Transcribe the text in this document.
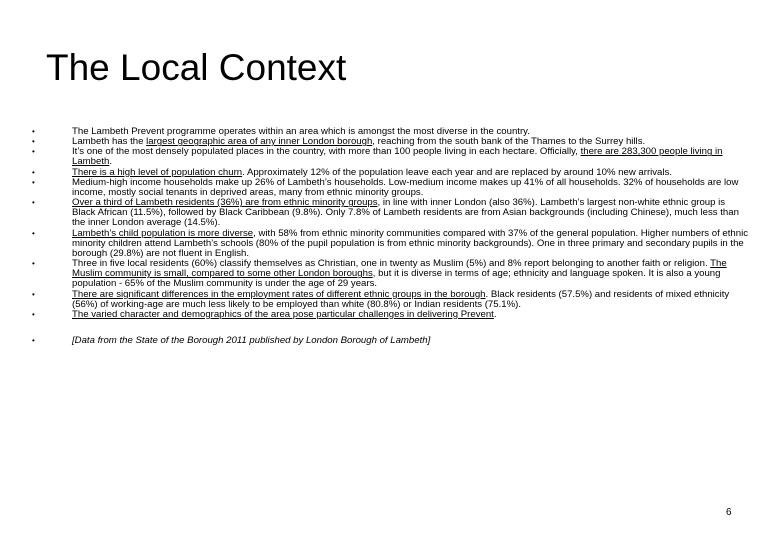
The Local Context
•	The Lambeth Prevent programme operates within an area which is amongst the most diverse in the country.
•	Lambeth has the largest geographic area of any inner London borough, reaching from the south bank of the Thames to the Surrey hills.
•	It’s one of the most densely populated places in the country, with more than 100 people living in each hectare. Officially, there are 283,300 people living in Lambeth.
•	There is a high level of population churn. Approximately 12% of the population leave each year and are replaced by around 10% new arrivals.
•	Medium-high income households make up 26% of Lambeth’s households. Low-medium income makes up 41% of all households. 32% of households are low income, mostly social tenants in deprived areas, many from ethnic minority groups.
•	Over a third of Lambeth residents (36%) are from ethnic minority groups, in line with inner London (also 36%). Lambeth’s largest non-white ethnic group is Black African (11.5%), followed by Black Caribbean (9.8%). Only 7.8% of Lambeth residents are from Asian backgrounds (including Chinese), much less than the inner London average (14.5%).
•	Lambeth’s child population is more diverse, with 58% from ethnic minority communities compared with 37% of the general population. Higher numbers of ethnic minority children attend Lambeth’s schools (80% of the pupil population is from ethnic minority backgrounds). One in three primary and secondary pupils in the borough (29.8%) are not fluent in English.
•	Three in five local residents (60%) classify themselves as Christian, one in twenty as Muslim (5%) and 8% report belonging to another faith or religion. The Muslim community is small, compared to some other London boroughs, but it is diverse in terms of age; ethnicity and language spoken. It is also a young population - 65% of the Muslim community is under the age of 29 years.
•	There are significant differences in the employment rates of different ethnic groups in the borough. Black residents (57.5%) and residents of mixed ethnicity (56%) of working-age are much less likely to be employed than white (80.8%) or Indian residents (75.1%).
•	The varied character and demographics of the area pose particular challenges in delivering Prevent.
•	[Data from the State of the Borough 2011 published by London Borough of Lambeth]
6
